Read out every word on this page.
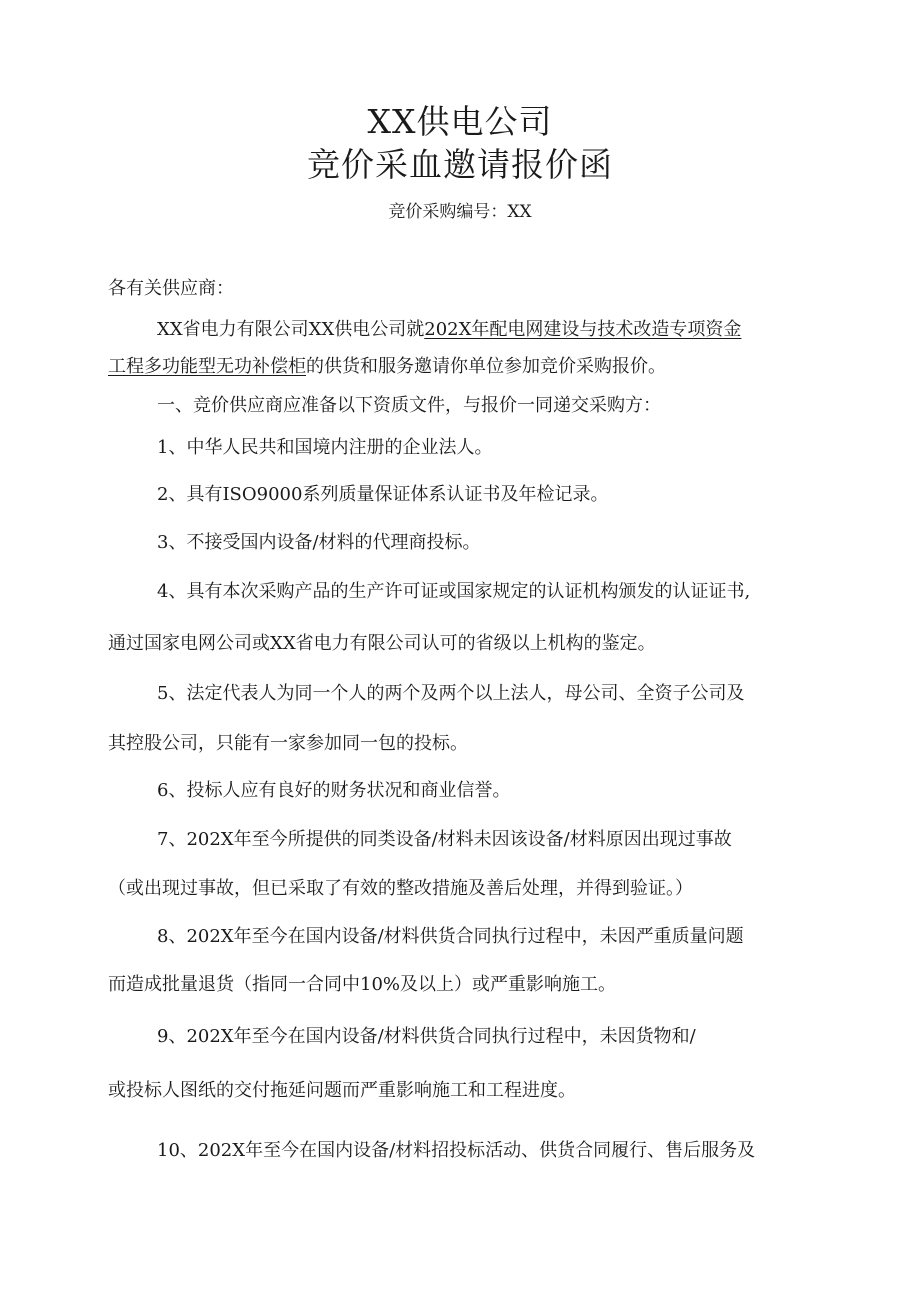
XX供电公司
竞价采血邀请报价函
竞价采购编号：XX
各有关供应商：
XX省电力有限公司XX供电公司就202X年配电网建设与技术改造专项资金
工程多功能型无功补偿柜的供货和服务邀请你单位参加竞价采购报价。
一、竞价供应商应准备以下资质文件，与报价一同递交采购方：
1、中华人民共和国境内注册的企业法人。
2、具有ISO9000系列质量保证体系认证书及年检记录。
3、不接受国内设备/材料的代理商投标。
4、具有本次采购产品的生产许可证或国家规定的认证机构颁发的认证证书,
通过国家电网公司或XX省电力有限公司认可的省级以上机构的鉴定。
5、法定代表人为同一个人的两个及两个以上法人，母公司、全资子公司及
其控股公司，只能有一家参加同一包的投标。
6、投标人应有良好的财务状况和商业信誉。
7、202X年至今所提供的同类设备/材料未因该设备/材料原因出现过事故
（或出现过事故，但已采取了有效的整改措施及善后处理，并得到验证。）
8、202X年至今在国内设备/材料供货合同执行过程中，未因严重质量问题
而造成批量退货（指同一合同中10%及以上）或严重影响施工。
9、202X年至今在国内设备/材料供货合同执行过程中，未因货物和/
或投标人图纸的交付拖延问题而严重影响施工和工程进度。
10、202X年至今在国内设备/材料招投标活动、供货合同履行、售后服务及
